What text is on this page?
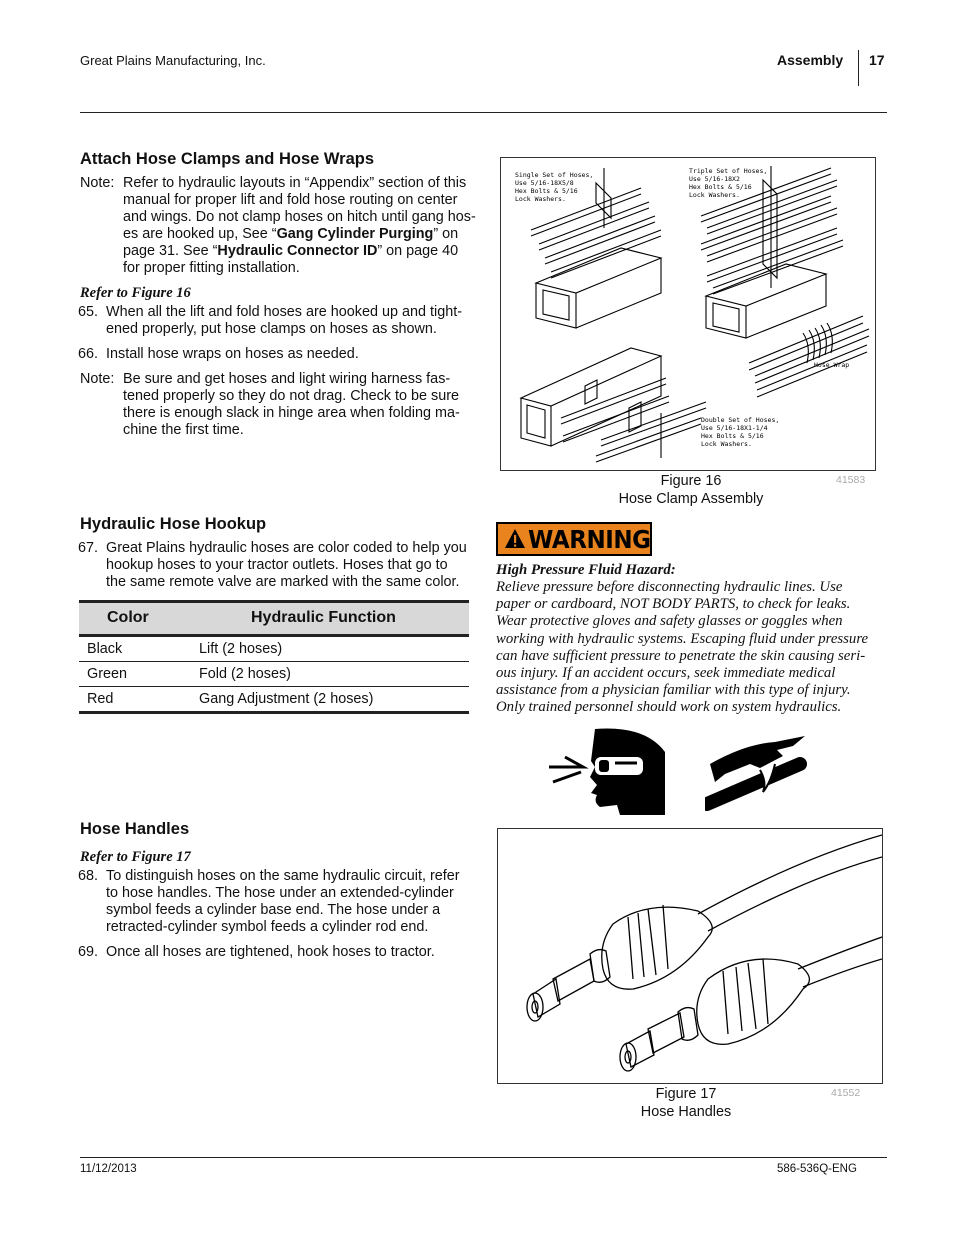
Great Plains Manufacturing, Inc.	Assembly 17
Attach Hose Clamps and Hose Wraps
Note: Refer to hydraulic layouts in “Appendix” section of this
manual for proper lift and fold hose routing on center
and wings. Do not clamp hoses on hitch until gang hos-
es are hooked up, See “Gang Cylinder Purging” on
page 31. See “Hydraulic Connector ID” on page 40
for proper fitting installation.
Refer to Figure 16
65. When all the lift and fold hoses are hooked up and tight-
ened properly, put hose clamps on hoses as shown.
66. Install hose wraps on hoses as needed.
Note: Be sure and get hoses and light wiring harness fas-
tened properly so they do not drag. Check to be sure
there is enough slack in hinge area when folding ma-
chine the first time.
Single Set of Hoses, Use 5/16-18X5/8 Hex Bolts & 5/16 Lock Washers.
Triple Set of Hoses, Use 5/16-18X2 Hex Bolts & 5/16 Lock Washers.
Hose Wrap
Double Set of Hoses, Use 5/16-18X1-1/4 Hex Bolts & 5/16 Lock Washers.
Figure 16
Hose Clamp Assembly
41583
Hydraulic Hose Hookup
67. Great Plains hydraulic hoses are color coded to help you
hookup hoses to your tractor outlets. Hoses that go to
the same remote valve are marked with the same color.
Color	Hydraulic Function
Black	Lift (2 hoses)
Green	Fold (2 hoses)
Red	Gang Adjustment (2 hoses)
WARNING
High Pressure Fluid Hazard:
Relieve pressure before disconnecting hydraulic lines. Use
paper or cardboard, NOT BODY PARTS, to check for leaks.
Wear protective gloves and safety glasses or goggles when
working with hydraulic systems. Escaping fluid under pressure
can have sufficient pressure to penetrate the skin causing seri-
ous injury. If an accident occurs, seek immediate medical
assistance from a physician familiar with this type of injury.
Only trained personnel should work on system hydraulics.
Hose Handles
Refer to Figure 17
68. To distinguish hoses on the same hydraulic circuit, refer
to hose handles. The hose under an extended-cylinder
symbol feeds a cylinder base end. The hose under a
retracted-cylinder symbol feeds a cylinder rod end.
69. Once all hoses are tightened, hook hoses to tractor.
Figure 17
Hose Handles
41552
11/12/2013	586-536Q-ENG
